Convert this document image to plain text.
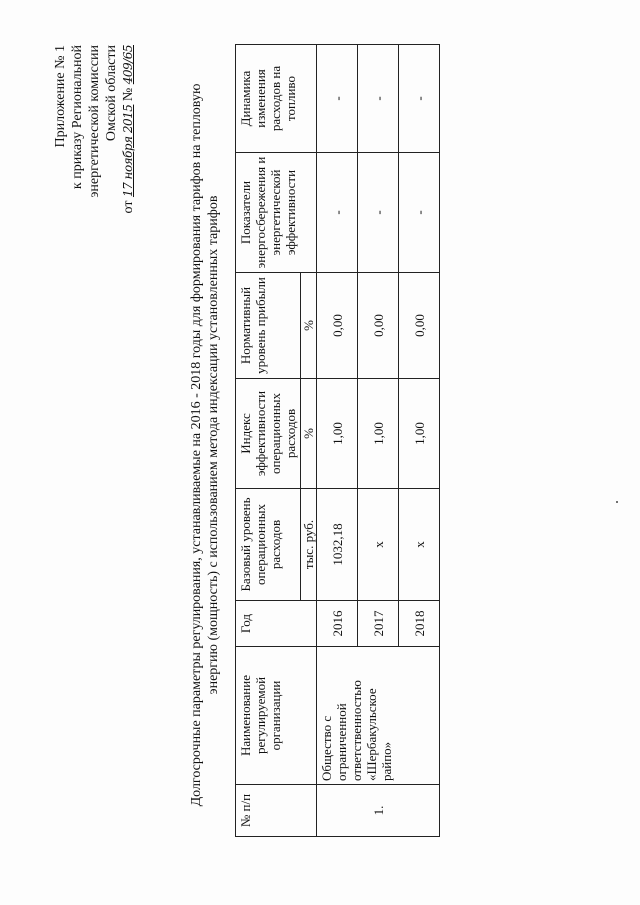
Приложение № 1 к приказу Региональной энергетической комиссии Омской области
от 17 ноября 2015 № 409/65
Долгосрочные параметры регулирования, устанавливаемые на 2016 - 2018 годы для формирования тарифов на тепловую энергию (мощность) с использованием метода индексации установленных тарифов
№ п/п	Наименование регулируемой организации	Год	Базовый уровень операционных расходов	Индекс эффективности операционных расходов	Нормативный уровень прибыли	Показатели энергосбережения и энергетической эффективности	Динамика изменения расходов на топливо
			тыс. руб.	%	%		
1.	Общество с ограниченной ответственностью «Шербакульское райпо»	2016	1032,18	1,00	0,00	-	-
		2017	x	1,00	0,00	-	-
		2018	x	1,00	0,00	-	-
